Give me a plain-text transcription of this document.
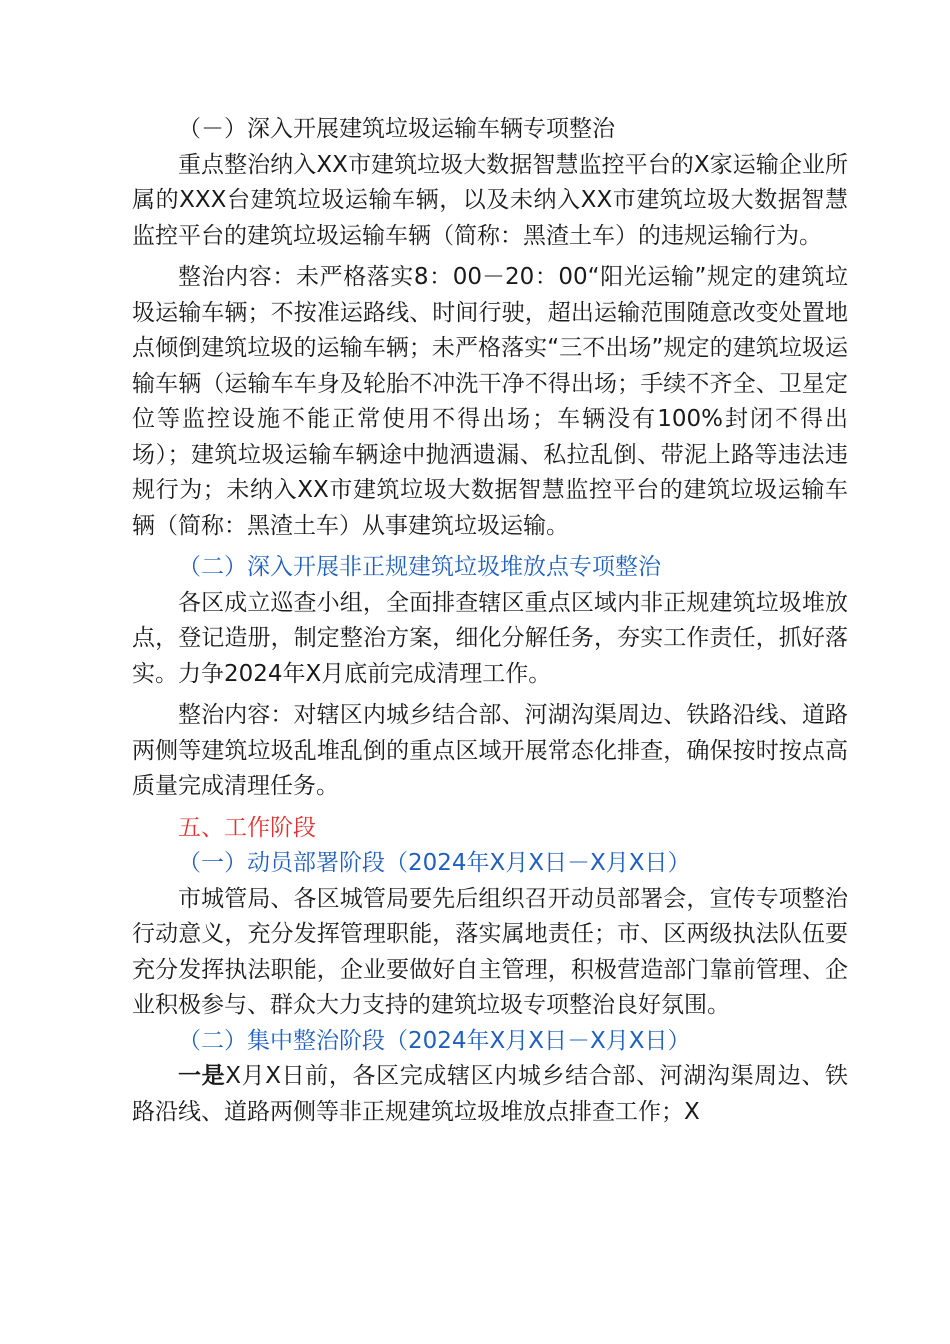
（－）深入开展建筑垃圾运输车辆专项整治

重点整治纳入XX市建筑垃圾大数据智慧监控平台的X家运输企业所属的XXX台建筑垃圾运输车辆，以及未纳入XX市建筑垃圾大数据智慧监控平台的建筑垃圾运输车辆（简称：黑渣土车）的违规运输行为。

整治内容：未严格落实8：00－20：00“阳光运输”规定的建筑垃圾运输车辆；不按准运路线、时间行驶，超出运输范围随意改变处置地点倾倒建筑垃圾的运输车辆；未严格落实“三不出场”规定的建筑垃圾运输车辆（运输车车身及轮胎不冲洗干净不得出场；手续不齐全、卫星定位等监控设施不能正常使用不得出场；车辆没有100%封闭不得出场）；建筑垃圾运输车辆途中抛洒遗漏、私拉乱倒、带泥上路等违法违规行为；未纳入XX市建筑垃圾大数据智慧监控平台的建筑垃圾运输车辆（简称：黑渣土车）从事建筑垃圾运输。

（二）深入开展非正规建筑垃圾堆放点专项整治

各区成立巡查小组，全面排查辖区重点区域内非正规建筑垃圾堆放点，登记造册，制定整治方案，细化分解任务，夯实工作责任，抓好落实。力争2024年X月底前完成清理工作。

整治内容：对辖区内城乡结合部、河湖沟渠周边、铁路沿线、道路两侧等建筑垃圾乱堆乱倒的重点区域开展常态化排查，确保按时按点高质量完成清理任务。

五、工作阶段

（一）动员部署阶段（2024年X月X日－X月X日）

市城管局、各区城管局要先后组织召开动员部署会，宣传专项整治行动意义，充分发挥管理职能，落实属地责任；市、区两级执法队伍要充分发挥执法职能，企业要做好自主管理，积极营造部门靠前管理、企业积极参与、群众大力支持的建筑垃圾专项整治良好氛围。

（二）集中整治阶段（2024年X月X日－X月X日）

一是X月X日前，各区完成辖区内城乡结合部、河湖沟渠周边、铁路沿线、道路两侧等非正规建筑垃圾堆放点排查工作；X
